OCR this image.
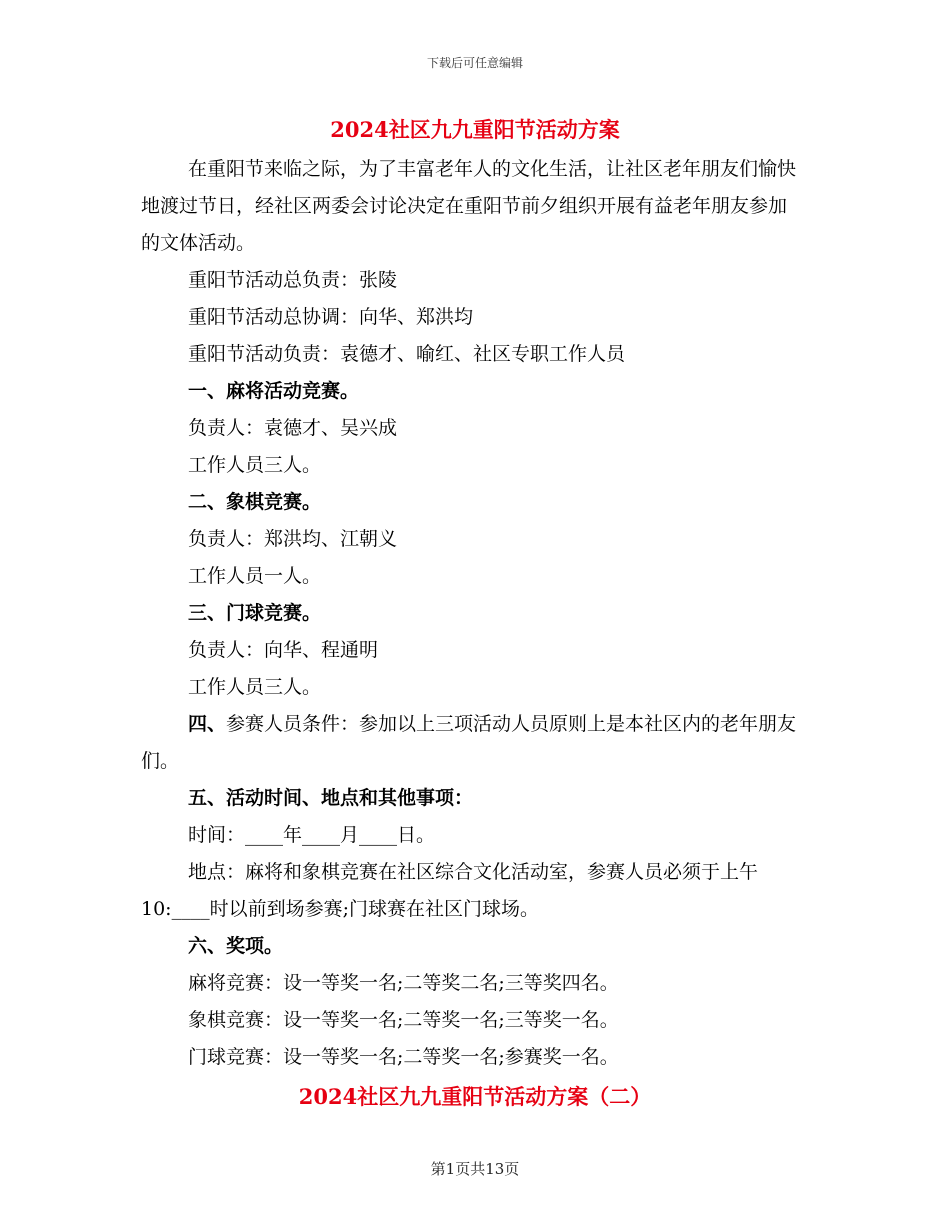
下载后可任意编辑
2024社区九九重阳节活动方案

在重阳节来临之际，为了丰富老年人的文化生活，让社区老年朋友们愉快地渡过节日，经社区两委会讨论决定在重阳节前夕组织开展有益老年朋友参加的文体活动。

重阳节活动总负责：张陵

重阳节活动总协调：向华、郑洪均

重阳节活动负责：袁德才、喻红、社区专职工作人员

一、麻将活动竞赛。

负责人：袁德才、吴兴成

工作人员三人。

二、象棋竞赛。

负责人：郑洪均、江朝义

工作人员一人。

三、门球竞赛。

负责人：向华、程通明

工作人员三人。

四、参赛人员条件：参加以上三项活动人员原则上是本社区内的老年朋友们。

五、活动时间、地点和其他事项：

时间：____年____月____日。

地点：麻将和象棋竞赛在社区综合文化活动室，参赛人员必须于上午10:____时以前到场参赛;门球赛在社区门球场。

六、奖项。

麻将竞赛：设一等奖一名;二等奖二名;三等奖四名。

象棋竞赛：设一等奖一名;二等奖一名;三等奖一名。

门球竞赛：设一等奖一名;二等奖一名;参赛奖一名。

2024社区九九重阳节活动方案（二）
第1页共13页
